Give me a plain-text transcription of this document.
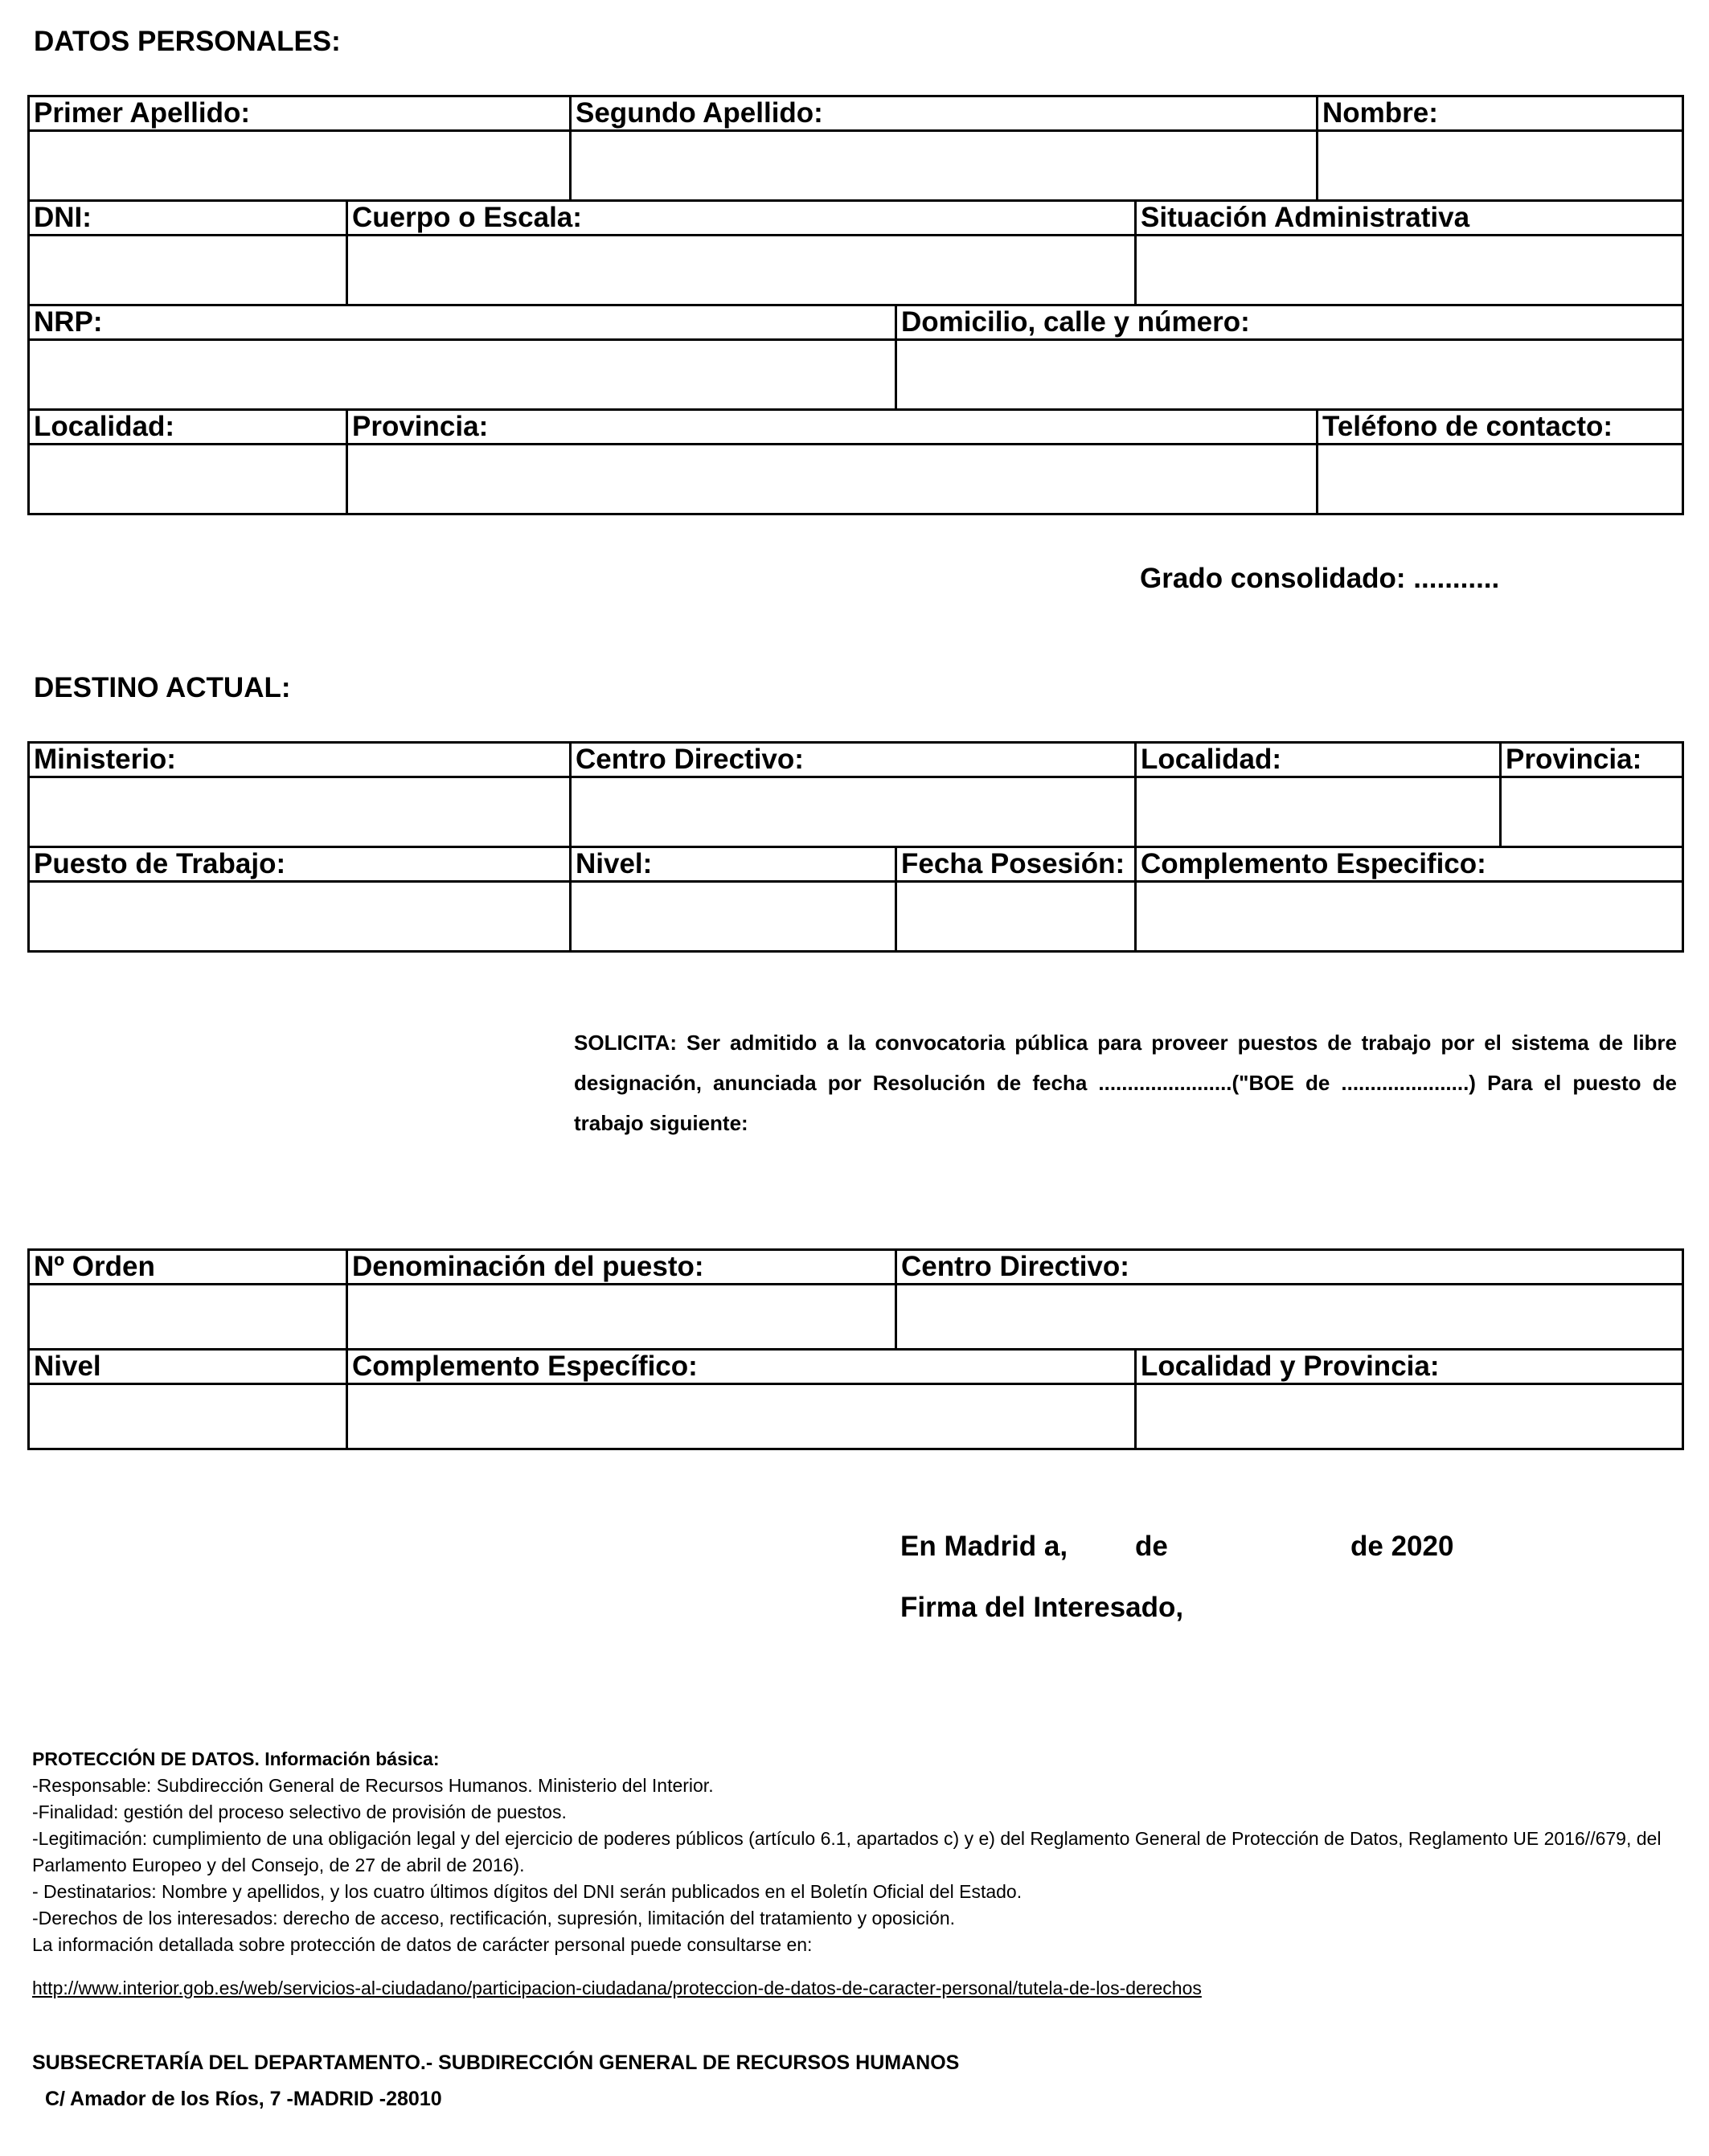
DATOS PERSONALES:
Primer Apellido:		Segundo Apellido:			Nombre:

DNI:	Cuerpo o Escala:			Situación Administrativa	

NRP:			Domicilio, calle y número:		

Localidad:	Provincia:				Teléfono de contacto:

Grado consolidado: ...........
DESTINO ACTUAL:
Ministerio:	Centro Directivo:		Localidad:	Provincia:

Puesto de Trabajo:	Nivel:	Fecha Posesión:	Complemento Especifico:	

SOLICITA: Ser admitido a la convocatoria pública para proveer puestos de trabajo por el sistema de libre designación, anunciada por Resolución de fecha .......................("BOE de ......................) Para el puesto de trabajo siguiente:
Nº Orden	Denominación del puesto:	Centro Directivo:	

Nivel	Complemento Específico:		Localidad y Provincia:

En Madrid a, de	de 2020
Firma del Interesado,
PROTECCIÓN DE DATOS. Información básica:
-Responsable: Subdirección General de Recursos Humanos. Ministerio del Interior.
-Finalidad: gestión del proceso selectivo de provisión de puestos.
-Legitimación: cumplimiento de una obligación legal y del ejercicio de poderes públicos (artículo 6.1, apartados c) y e) del Reglamento General de Protección de Datos, Reglamento UE 2016//679, del Parlamento Europeo y del Consejo, de 27 de abril de 2016).
- Destinatarios: Nombre y apellidos, y los cuatro últimos dígitos del DNI serán publicados en el Boletín Oficial del Estado.
-Derechos de los interesados: derecho de acceso, rectificación, supresión, limitación del tratamiento y oposición.
La información detallada sobre protección de datos de carácter personal puede consultarse en:
http://www.interior.gob.es/web/servicios-al-ciudadano/participacion-ciudadana/proteccion-de-datos-de-caracter-personal/tutela-de-los-derechos
SUBSECRETARÍA DEL DEPARTAMENTO.- SUBDIRECCIÓN GENERAL DE RECURSOS HUMANOS
C/ Amador de los Ríos, 7 -MADRID -28010
